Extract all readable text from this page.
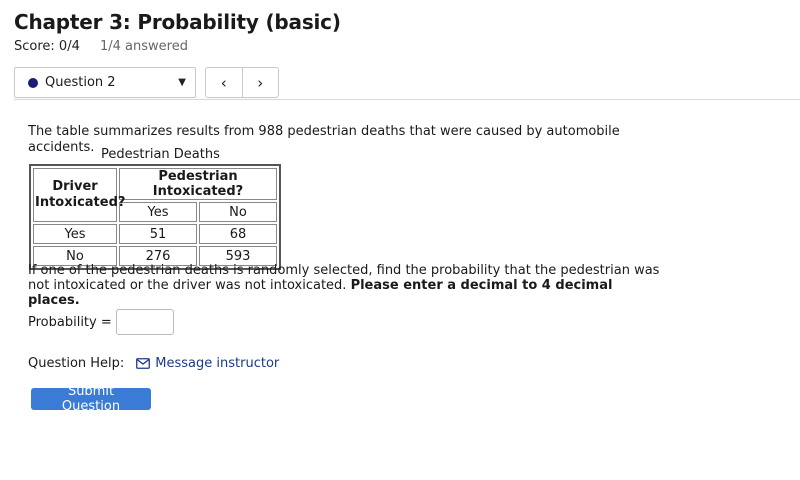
Chapter 3: Probability (basic)
Score: 0/4 1/4 answered
Question 2	▼	‹	›
The table summarizes results from 988 pedestrian deaths that were caused by automobile accidents. Pedestrian Deaths
Driver Intoxicated?	Pedestrian Intoxicated?	
	Yes	No
Yes	51	68
No	276	593
If one of the pedestrian deaths is randomly selected, find the probability that the pedestrian was not intoxicated or the driver was not intoxicated. Please enter a decimal to 4 decimal places.
Probability =
Question Help: Message instructor
Submit Question
